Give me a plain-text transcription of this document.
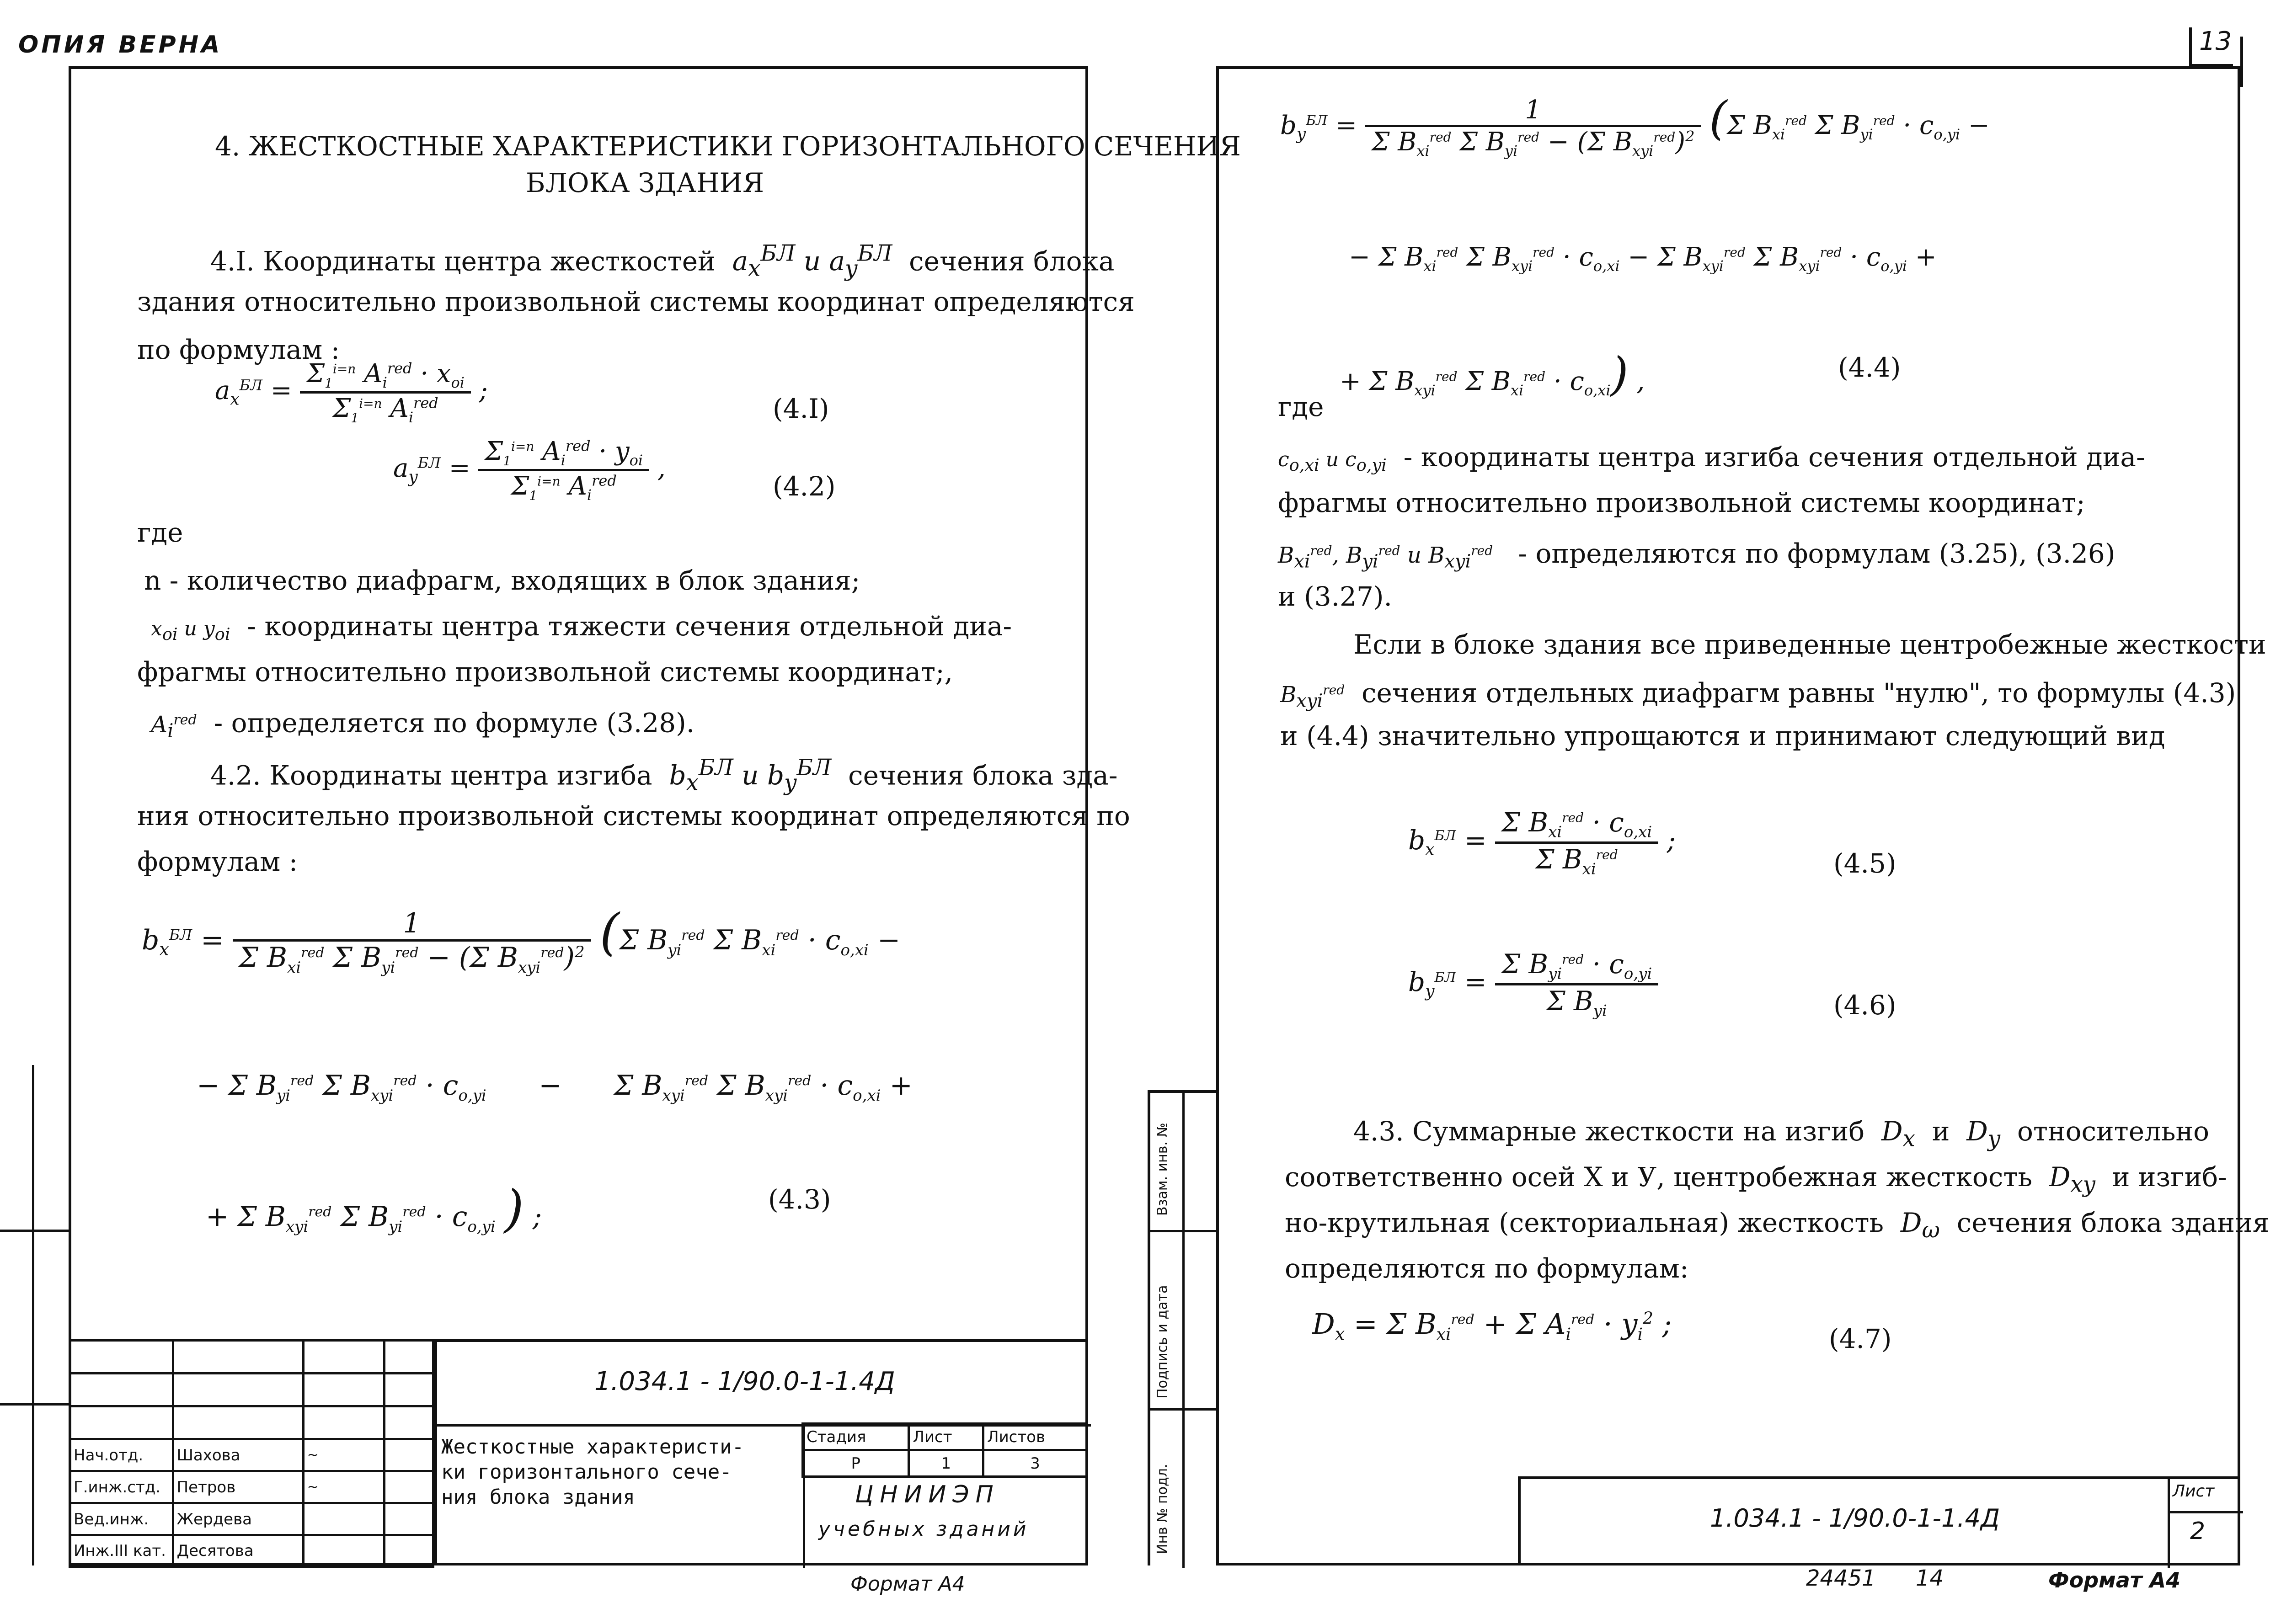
ОПИЯ ВЕРНА	13
4. ЖЕСТКОСТНЫЕ ХАРАКТЕРИСТИКИ ГОРИЗОНТАЛЬНОГО СЕЧЕНИЯ
БЛОКА ЗДАНИЯ
4.I. Координаты центра жесткостей  $a_x^{БЛ}$ и $a_y^{БЛ}$ сечения блока
здания относительно произвольной системы координат определяются
по формулам :
$a_x^{БЛ} = \frac{\Sigma_1^{i=n} A_i^{red} \cdot x_{oi}}{\Sigma_1^{i=n} A_i^{red}}$ ;
(4.I)
$a_y^{БЛ} = \frac{\Sigma_1^{i=n} A_i^{red} \cdot y_{oi}}{\Sigma_1^{i=n} A_i^{red}}$ ,
(4.2)
где
n - количество диафрагм, входящих в блок здания;
$x_{oi}$ и $y_{oi}$ - координаты центра тяжести сечения отдельной диа-
фрагмы относительно произвольной системы координат;,
$A_i^{red}$ - определяется по формуле (3.28).
4.2. Координаты центра изгиба  $b_x^{БЛ}$ и $b_y^{БЛ}$ сечения блока зда-
ния относительно произвольной системы координат определяются по
формулам :
$b_x^{БЛ} = \frac{1}{\Sigma B_{xi}^{red} \Sigma B_{yi}^{red} - (\Sigma B_{xyi}^{red})^2} (\Sigma$ $B_{yi}^{red}$ Σ $B_{xi}^{red} \cdot c_{o,xi}$ −
− Σ $B_{yi}^{red}$ Σ $B_{xyi}^{red} \cdot c_{o,yi}$      −      Σ $B_{xyi}^{red}$ Σ $B_{xyi}^{red} \cdot c_{o,xi}$ +
+ Σ $B_{xyi}^{red}$ Σ $B_{yi}^{red} \cdot c_{o,yi}$ ) ;
(4.3)

Нач.отд.	Шахова	~	
Г.инж.стд.	Петров	~	
Вед.инж.	Жердева		
Инж.III кат.	Десятова		
1.034.1 - 1/90.0-1-1.4Д
Жесткостные характеристи-
ки горизонтального сече-
ния блока здания
Стадия	Лист	Листов
Р	1	3
ЦНИИЭП
учебных зданий
Формат А4
$b_y^{БЛ} = \frac{1}{\Sigma B_{xi}^{red} \Sigma B_{yi}^{red} - (\Sigma B_{xyi}^{red})^2} (\Sigma$ $B_{xi}^{red}$ Σ $B_{yi}^{red} \cdot c_{o,yi}$ −
− Σ $B_{xi}^{red}$ Σ $B_{xyi}^{red} \cdot c_{o,xi} - \Sigma$ $B_{xyi}^{red}$ Σ $B_{xyi}^{red} \cdot c_{o,yi}$ +
+ Σ $B_{xyi}^{red}$ Σ $B_{xi}^{red} \cdot c_{o,xi}$) ,	(4.4)
где
$c_{o,xi}$ и $c_{o,yi}$ - координаты центра изгиба сечения отдельной диа-
фрагмы относительно произвольной системы координат;
$B_{xi}^{red}$, $B_{yi}^{red}$ и $B_{xyi}^{red}$ - определяются по формулам (3.25), (3.26)
и (3.27).
Если в блоке здания все приведенные центробежные жесткости
$B_{xyi}^{red}$ сечения отдельных диафрагм равны "нулю", то формулы (4.3)
и (4.4) значительно упрощаются и принимают следующий вид
$b_x^{БЛ} = \frac{\Sigma B_{xi}^{red} \cdot c_{o,xi}}{\Sigma B_{xi}^{red}}$ ;
(4.5)
$b_y^{БЛ} = \frac{\Sigma B_{yi}^{red} \cdot c_{o,yi}}{\Sigma B_{yi}}$	(4.6)
4.3. Суммарные жесткости на изгиб  $D_x$ и  $D_y$ относительно
соответственно осей X и У, центробежная жесткость  $D_{xy}$ и изгиб-
но-крутильная (секториальная) жесткость  $D_\omega$ сечения блока здания
определяются по формулам:
$D_x = \Sigma$ $B_{xi}^{red} + \Sigma$ $A_i^{red} \cdot y_i^2$ ;	(4.7)
Инв № подл.
Подпись и дата
Взам. инв. №
1.034.1 - 1/90.0-1-1.4Д
Лист
2
24451 14	Формат А4
